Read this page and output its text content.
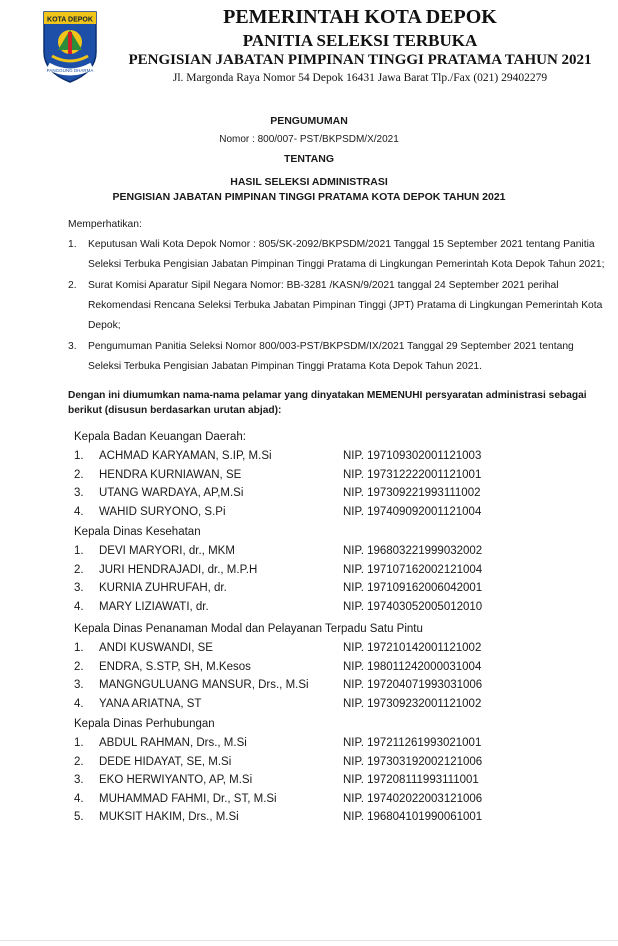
KOTA DEPOK
PANGGUNG DHARMA
PEMERINTAH KOTA DEPOK
PANITIA SELEKSI TERBUKA
PENGISIAN JABATAN PIMPINAN TINGGI PRATAMA TAHUN 2021
Jl. Margonda Raya Nomor 54 Depok 16431 Jawa Barat Tlp./Fax (021) 29402279
PENGUMUMAN
Nomor : 800/007- PST/BKPSDM/X/2021
TENTANG
HASIL SELEKSI ADMINISTRASI
PENGISIAN JABATAN PIMPINAN TINGGI PRATAMA KOTA DEPOK TAHUN 2021
Memperhatikan:
1. Keputusan Wali Kota Depok Nomor : 805/SK-2092/BKPSDM/2021 Tanggal 15 September 2021 tentang Panitia
Seleksi Terbuka Pengisian Jabatan Pimpinan Tinggi Pratama di Lingkungan Pemerintah Kota Depok Tahun 2021;
2. Surat Komisi Aparatur Sipil Negara Nomor: BB-3281 /KASN/9/2021 tanggal 24 September 2021 perihal
Rekomendasi Rencana Seleksi Terbuka Jabatan Pimpinan Tinggi (JPT) Pratama di Lingkungan Pemerintah Kota
Depok;
3. Pengumuman Panitia Seleksi Nomor 800/003-PST/BKPSDM/IX/2021 Tanggal 29 September 2021 tentang
Seleksi Terbuka Pengisian Jabatan Pimpinan Tinggi Pratama Kota Depok Tahun 2021.
Dengan ini diumumkan nama-nama pelamar yang dinyatakan MEMENUHI persyaratan administrasi sebagai
berikut (disusun berdasarkan urutan abjad):
Kepala Badan Keuangan Daerah:
1. ACHMAD KARYAMAN, S.IP, M.Si	NIP. 197109302001121003
2. HENDRA KURNIAWAN, SE	NIP. 197312222001121001
3. UTANG WARDAYA, AP,M.Si	NIP. 197309221993111002
4. WAHID SURYONO, S.Pi	NIP. 197409092001121004
Kepala Dinas Kesehatan
1. DEVI MARYORI, dr., MKM	NIP. 196803221999032002
2. JURI HENDRAJADI, dr., M.P.H	NIP. 197107162002121004
3. KURNIA ZUHRUFAH, dr.	NIP. 197109162006042001
4. MARY LIZIAWATI, dr.	NIP. 197403052005012010
Kepala Dinas Penanaman Modal dan Pelayanan Terpadu Satu Pintu
1. ANDI KUSWANDI, SE	NIP. 197210142001121002
2. ENDRA, S.STP, SH, M.Kesos	NIP. 198011242000031004
3. MANGNGULUANG MANSUR, Drs., M.Si	NIP. 197204071993031006
4. YANA ARIATNA, ST	NIP. 197309232001121002
Kepala Dinas Perhubungan
1. ABDUL RAHMAN, Drs., M.Si	NIP. 197211261993021001
2. DEDE HIDAYAT, SE, M.Si	NIP. 197303192002121006
3. EKO HERWIYANTO, AP, M.Si	NIP. 197208111993111001
4. MUHAMMAD FAHMI, Dr., ST, M.Si	NIP. 197402022003121006
5. MUKSIT HAKIM, Drs., M.Si	NIP. 196804101990061001
